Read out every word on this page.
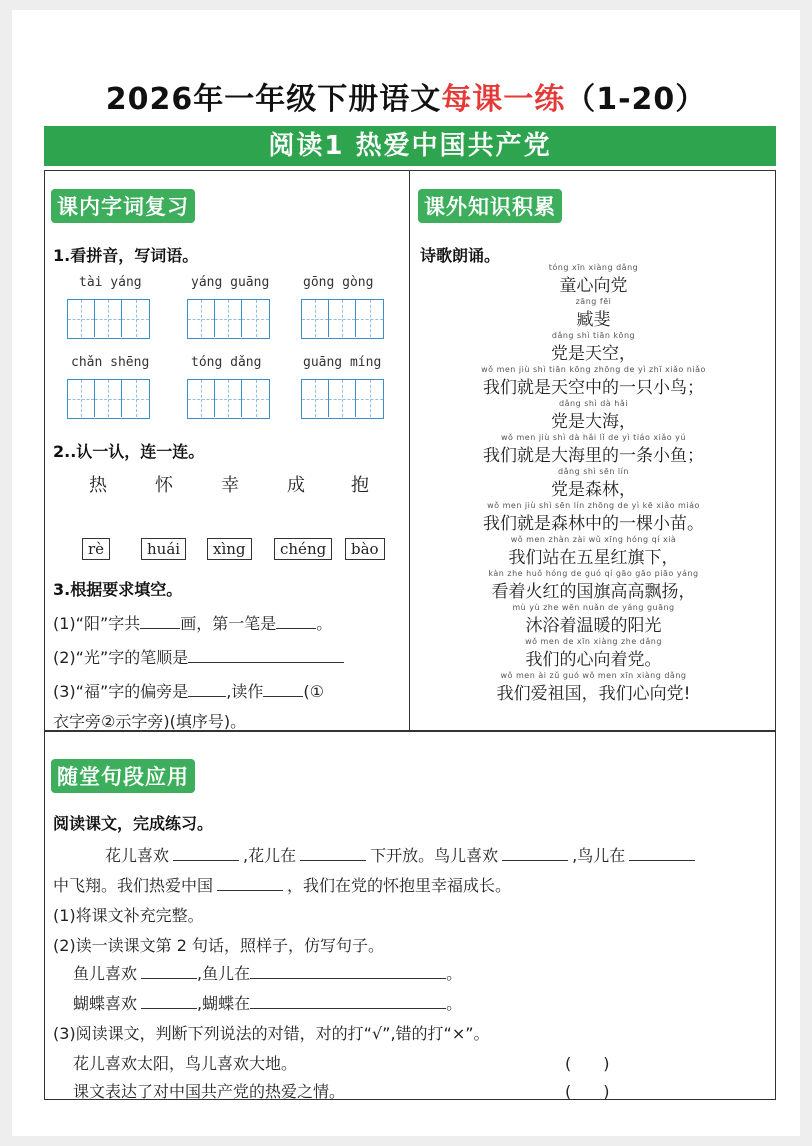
2026年一年级下册语文每课一练（1-20）
阅读1 热爱中国共产党
课内字词复习
1.看拼音，写词语。
tài yáng	yáng guāng	gōng gòng
chǎn shēng	tóng dǎng	guāng míng
2..认一认，连一连。
热	怀	幸	成	抱
rè	huái	xìng	chéng	bào
3.根据要求填空。
(1)“阳”字共	画，第一笔是	。
(2)“光”字的笔顺是
(3)“福”字的偏旁是 ,读作	(①
衣字旁②示字旁)(填序号)。
课外知识积累
诗歌朗诵。
tóng xīn xiàng dǎng
童心向党
zāng fēi
臧斐
dǎng shì tiān kōng
党是天空，
wǒ men jiù shì tiān kōng zhōng de yì zhī xiǎo niǎo
我们就是天空中的一只小鸟；
dǎng shì dà hǎi
党是大海，
wǒ men jiù shì dà hǎi lǐ de yì tiáo xiǎo yú
我们就是大海里的一条小鱼；
dǎng shì sēn lín
党是森林，
wǒ men jiù shì sēn lín zhōng de yì kē xiǎo miáo
我们就是森林中的一棵小苗。
wǒ men zhàn zài wǔ xīng hóng qí xià
我们站在五星红旗下，
kàn zhe huǒ hóng de guó qí gāo gāo piāo yáng
看着火红的国旗高高飘扬，
mù yù zhe wēn nuǎn de yáng guāng
沐浴着温暖的阳光
wǒ men de xīn xiàng zhe dǎng
我们的心向着党。
wǒ men ài zǔ guó wǒ men xīn xiàng dǎng
我们爱祖国，我们心向党!
随堂句段应用
阅读课文，完成练习。
花儿喜欢	,花儿在	下开放。鸟儿喜欢	,鸟儿在
中飞翔。我们热爱中国	，我们在党的怀抱里幸福成长。
(1)将课文补充完整。
(2)读一读课文第 2 句话，照样子，仿写句子。
鱼儿喜欢	,鱼儿在	。
蝴蝶喜欢	,蝴蝶在	。
(3)阅读课文，判断下列说法的对错，对的打“√”,错的打“×”。
花儿喜欢太阳，鸟儿喜欢大地。	(　　)
课文表达了对中国共产党的热爱之情。	(　　)
